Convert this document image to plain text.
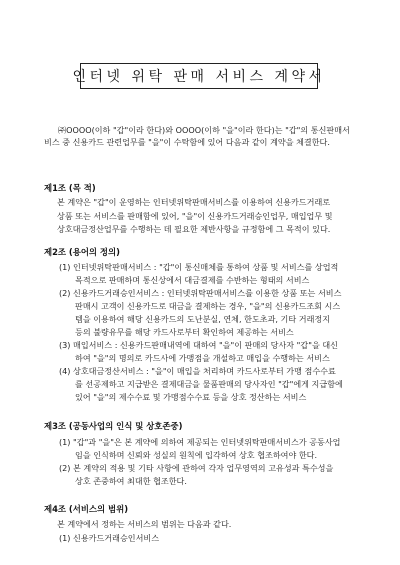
인터넷 위탁 판매 서비스 계약서
㈜OOOO(이하 "갑"이라 한다)와 OOOO(이하 "을"이라 한다)는 "갑"의 통신판매서
비스 중 신용카드 관련업무를 "을"이 수탁함에 있어 다음과 같이 계약을 체결한다.
제1조 (목 적)
본 계약은 "갑"이 운영하는 인터넷위탁판매서비스를 이용하여 신용카드거래로
상품 또는 서비스를 판매함에 있어, "을"이 신용카드거래승인업무, 매입업무 및
상호대금정산업무를 수행하는 데 필요한 제반사항을 규정함에 그 목적이 있다.
제2조 (용어의 정의)
(1) 인터넷위탁판매서비스 : "갑"이 통신매체를 통하여 상품 및 서비스를 상업적
목적으로 판매하며 통신상에서 대금결제를 수반하는 형태의 서비스
(2) 신용카드거래승인서비스 : 인터넷위탁판매서비스를 이용한 상품 또는 서비스
판매시 고객이 신용카드로 대금을 결제하는 경우, "을"의 신용카드조회 시스
템을 이용하여 해당 신용카드의 도난분실, 연체, 한도초과, 기타 거래정지
등의 불량유무를 해당 카드사로부터 확인하여 제공하는 서비스
(3) 매입서비스 : 신용카드판매내역에 대하여 "을"이 판매의 당사자 "갑"을 대신
하여 "을"의 명의로 카드사에 가맹점을 개설하고 매입을 수행하는 서비스
(4) 상호대금정산서비스 : "을"이 매입을 처리하며 카드사로부터 가맹 점수수료
를 선공제하고 지급받은 결제대금을 물품판매의 당사자인 "갑"에게 지급함에
있어 "을"의 제수수료 및 가맹점수수료 등을 상호 정산하는 서비스
제3조 (공동사업의 인식 및 상호존중)
(1) "갑"과 "을"은 본 계약에 의하여 제공되는 인터넷위탁판매서비스가 공동사업
임을 인식하며 신뢰와 성실의 원칙에 입각하여 상호 협조하여야 한다.
(2) 본 계약의 적용 및 기타 사항에 관하여 각자 업무영역의 고유성과 특수성을
상호 존중하여 최대한 협조한다.
제4조 (서비스의 범위)
본 계약에서 정하는 서비스의 범위는 다음과 같다.
(1) 신용카드거래승인서비스
